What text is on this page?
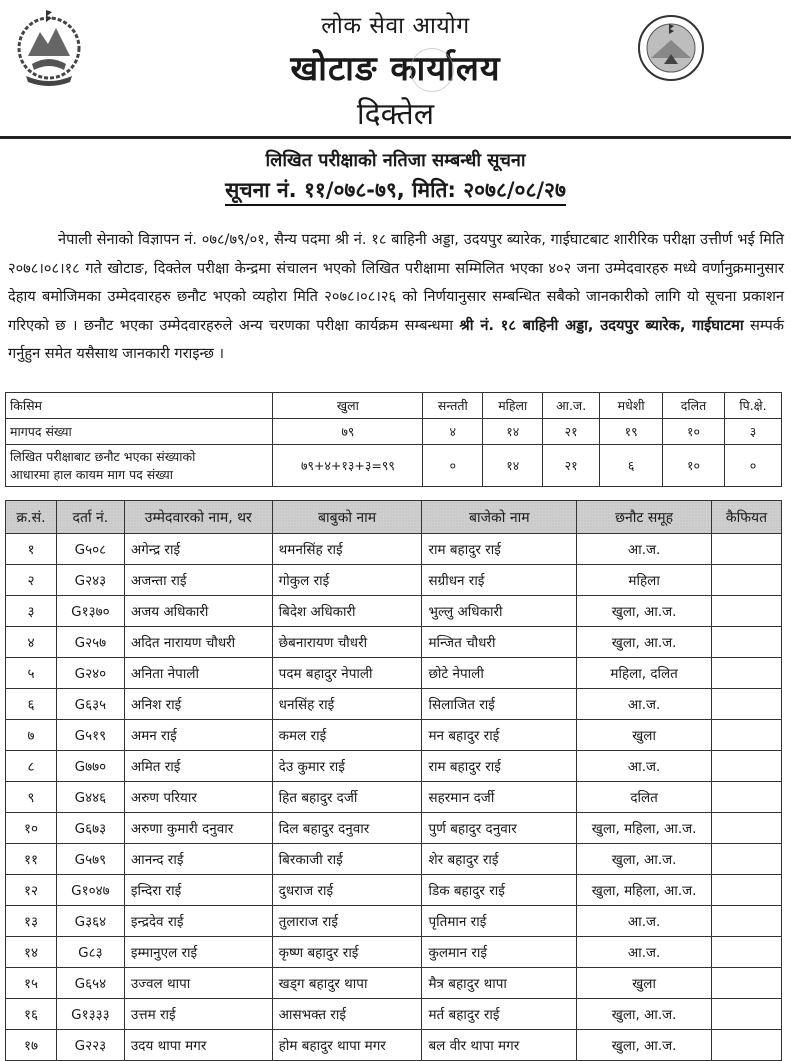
लोक सेवा आयोग
खोटाङ कार्यालय
दिक्तेल
लिखित परीक्षाको नतिजा सम्बन्धी सूचना
सूचना नं. ११/०७८-७९, मिति: २०७८/०८/२७
नेपाली सेनाको विज्ञापन नं. ०७८/७९/०१, सैन्य पदमा श्री नं. १८ बाहिनी अड्डा, उदयपुर ब्यारेक, गाईघाटबाट शारीरिक परीक्षा उत्तीर्ण भई मिति २०७८।०८।१८ गते खोटाङ, दिक्तेल परीक्षा केन्द्रमा संचालन भएको लिखित परीक्षामा सम्मिलित भएका ४०२ जना उम्मेदवारहरु मध्ये वर्णानुक्रमानुसार देहाय बमोजिमका उम्मेदवारहरु छनौट भएको व्यहोरा मिति २०७८।०८।२६ को निर्णयानुसार सम्बन्धित सबैको जानकारीको लागि यो सूचना प्रकाशन गरिएको छ । छनौट भएका उम्मेदवारहरुले अन्य चरणका परीक्षा कार्यक्रम सम्बन्धमा श्री नं. १८ बाहिनी अड्डा, उदयपुर ब्यारेक, गाईघाटमा सम्पर्क गर्नुहुन समेत यसैसाथ जानकारी गराइन्छ ।
किसिम	खुला	सन्तती	महिला	आ.ज.	मधेशी	दलित	पि.क्षे.
मागपद संख्या	७९	४	१४	२१	१९	१०	३
लिखित परीक्षाबाट छनौट भएका संख्याको
आधारमा हाल कायम माग पद संख्या	७९+४+१३+३=९९	०	१४	२१	६	१०	०
क्र.सं.	दर्ता नं.	उम्मेदवारको नाम, थर	बाबुको नाम	बाजेको नाम	छनौट समूह	कैफियत
१	G५०८	अगेन्द्र राई	थमनसिंह राई	राम बहादुर राई	आ.ज.	
२	G२४३	अजन्ता राई	गोकुल राई	सग्रीधन राई	महिला	
३	G१३७०	अजय अधिकारी	बिदेश अधिकारी	भुल्लु अधिकारी	खुला, आ.ज.	
४	G२५७	अदित नारायण चौधरी	छेबनारायण चौधरी	मन्जित चौधरी	खुला, आ.ज.	
५	G२४०	अनिता नेपाली	पदम बहादुर नेपाली	छोटे नेपाली	महिला, दलित	
६	G६३५	अनिश राई	धनसिंह राई	सिलाजित राई	आ.ज.	
७	G५१९	अमन राई	कमल राई	मन बहादुर राई	खुला	
८	G७७०	अमित राई	देउ कुमार राई	राम बहादुर राई	आ.ज.	
९	G४४६	अरुण परियार	हित बहादुर दर्जी	सहरमान दर्जी	दलित	
१०	G६७३	अरुणा कुमारी दनुवार	दिल बहादुर दनुवार	पुर्ण बहादुर दनुवार	खुला, महिला, आ.ज.	
११	G५७९	आनन्द राई	बिरकाजी राई	शेर बहादुर राई	खुला, आ.ज.	
१२	G१०४७	इन्दिरा राई	दुधराज राई	डिक बहादुर राई	खुला, महिला, आ.ज.	
१३	G३६४	इन्द्रदेव राई	तुलाराज राई	पृतिमान राई	आ.ज.	
१४	G८३	इम्मानुएल राई	कृष्ण बहादुर राई	कुलमान राई	आ.ज.	
१५	G६५४	उज्वल थापा	खड्ग बहादुर थापा	मैत्र बहादुर थापा	खुला	
१६	G१३३३	उत्तम राई	आसभक्त राई	मर्त बहादुर राई	खुला, आ.ज.	
१७	G२२३	उदय थापा मगर	होम बहादुर थापा मगर	बल वीर थापा मगर	खुला, आ.ज.	
